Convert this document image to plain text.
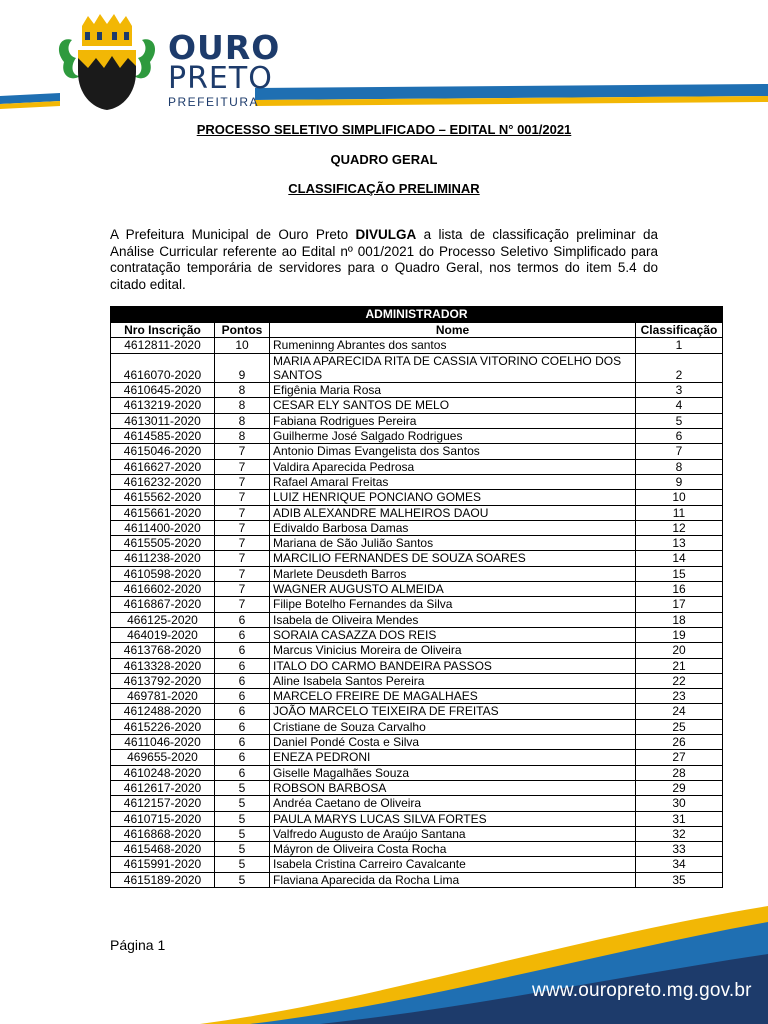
OURO
PRETO
PREFEITURA
PROCESSO SELETIVO SIMPLIFICADO – EDITAL N° 001/2021
QUADRO GERAL
CLASSIFICAÇÃO PRELIMINAR
A Prefeitura Municipal de Ouro Preto DIVULGA a lista de classificação preliminar da Análise Curricular referente ao Edital nº 001/2021 do Processo Seletivo Simplificado para contratação temporária de servidores para o Quadro Geral, nos termos do item 5.4 do citado edital.
ADMINISTRADOR			
Nro Inscrição	Pontos	Nome	Classificação
4612811-2020	10	Rumeninng Abrantes dos santos	1
4616070-2020	9	MARIA APARECIDA RITA DE CASSIA VITORINO COELHO DOS SANTOS	2
4610645-2020	8	Efigênia Maria Rosa	3
4613219-2020	8	CESAR ELY SANTOS DE MELO	4
4613011-2020	8	Fabiana Rodrigues Pereira	5
4614585-2020	8	Guilherme José Salgado Rodrigues	6
4615046-2020	7	Antonio Dimas Evangelista dos Santos	7
4616627-2020	7	Valdira Aparecida Pedrosa	8
4616232-2020	7	Rafael Amaral Freitas	9
4615562-2020	7	LUIZ HENRIQUE PONCIANO GOMES	10
4615661-2020	7	ADIB ALEXANDRE MALHEIROS DAOU	11
4611400-2020	7	Edivaldo Barbosa Damas	12
4615505-2020	7	Mariana de São Julião Santos	13
4611238-2020	7	MARCILIO FERNANDES DE SOUZA SOARES	14
4610598-2020	7	Marlete Deusdeth Barros	15
4616602-2020	7	WAGNER AUGUSTO ALMEIDA	16
4616867-2020	7	Filipe Botelho Fernandes da Silva	17
466125-2020	6	Isabela de Oliveira Mendes	18
464019-2020	6	SORAIA CASAZZA DOS REIS	19
4613768-2020	6	Marcus Vinicius Moreira de Oliveira	20
4613328-2020	6	ITALO DO CARMO BANDEIRA PASSOS	21
4613792-2020	6	Aline Isabela Santos Pereira	22
469781-2020	6	MARCELO FREIRE DE MAGALHAES	23
4612488-2020	6	JOÃO MARCELO TEIXEIRA DE FREITAS	24
4615226-2020	6	Cristiane de Souza Carvalho	25
4611046-2020	6	Daniel Pondé Costa e Silva	26
469655-2020	6	ENEZA PEDRONI	27
4610248-2020	6	Giselle Magalhães Souza	28
4612617-2020	5	ROBSON BARBOSA	29
4612157-2020	5	Andréa Caetano de Oliveira	30
4610715-2020	5	PAULA MARYS LUCAS SILVA FORTES	31
4616868-2020	5	Valfredo Augusto de Araújo Santana	32
4615468-2020	5	Máyron de Oliveira Costa Rocha	33
4615991-2020	5	Isabela Cristina Carreiro Cavalcante	34
4615189-2020	5	Flaviana Aparecida da Rocha Lima	35
Página 1
www.ouropreto.mg.gov.br
